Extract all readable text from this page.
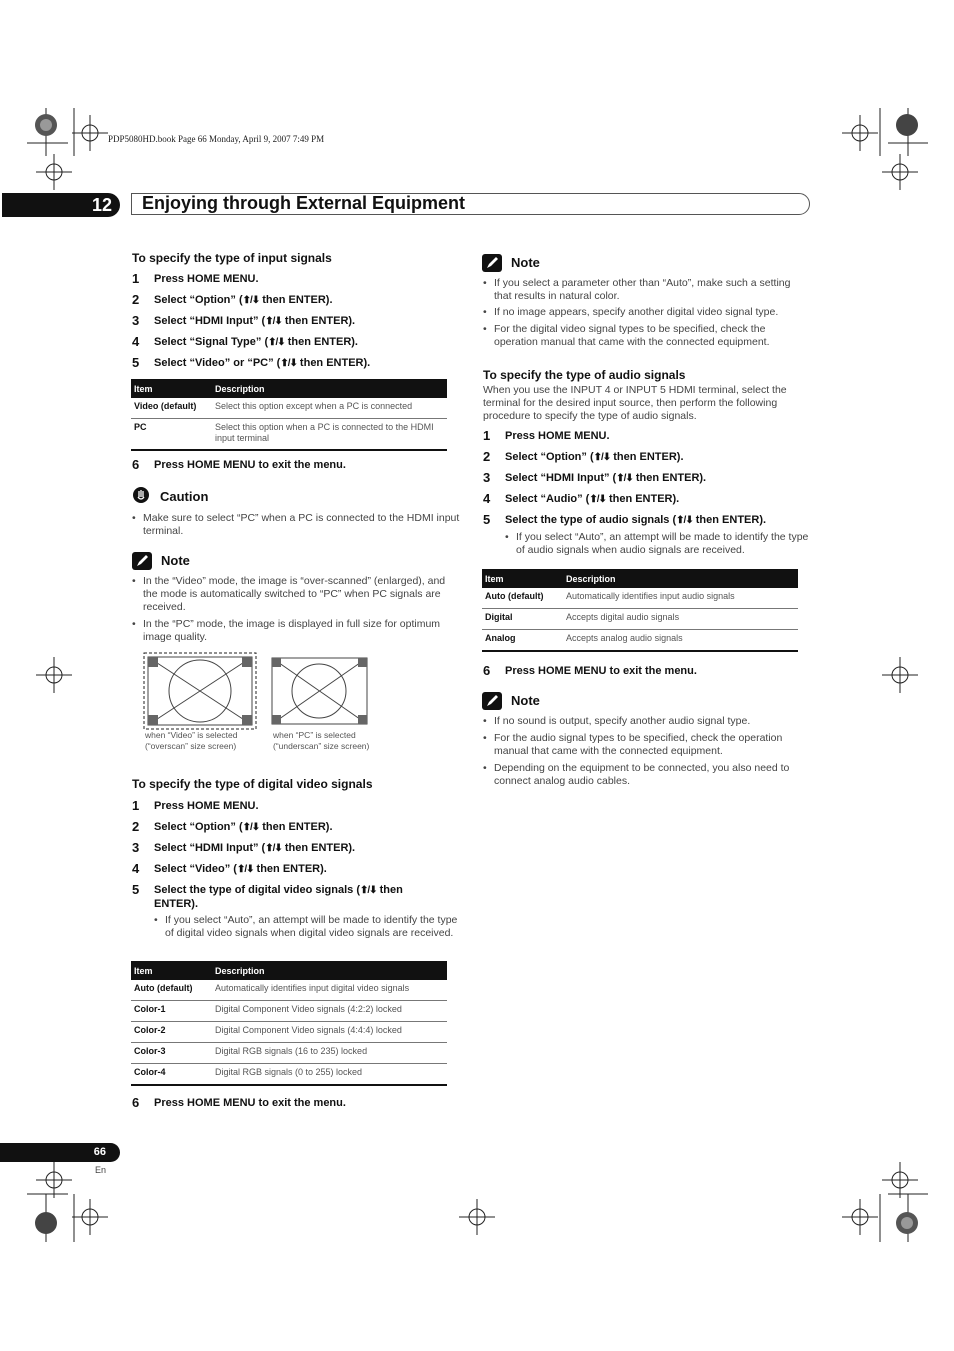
PDP5080HD.book Page 66 Monday, April 9, 2007 7:49 PM
12 Enjoying through External Equipment
To specify the type of input signals
1 Press HOME MENU.
2 Select “Option” (⬆/⬇ then ENTER).
3 Select “HDMI Input” (⬆/⬇ then ENTER).
4 Select “Signal Type” (⬆/⬇ then ENTER).
5 Select “Video” or “PC” (⬆/⬇ then ENTER).
Item	Description
Video (default)	Select this option except when a PC is connected
PC	Select this option when a PC is connected to the HDMI input terminal
6 Press HOME MENU to exit the menu.
Caution
• Make sure to select “PC” when a PC is connected to the HDMI input terminal.
Note
• In the “Video” mode, the image is “over-scanned” (enlarged), and the mode is automatically switched to “PC” when PC signals are received.
• In the “PC” mode, the image is displayed in full size for optimum image quality.
when “Video” is selected (“overscan” size screen)
when “PC” is selected (“underscan” size screen)
To specify the type of digital video signals
1 Press HOME MENU.
2 Select “Option” (⬆/⬇ then ENTER).
3 Select “HDMI Input” (⬆/⬇ then ENTER).
4 Select “Video” (⬆/⬇ then ENTER).
5 Select the type of digital video signals (⬆/⬇ then
ENTER).
• If you select “Auto”, an attempt will be made to identify the type of digital video signals when digital video signals are received.
Item	Description
Auto (default)	Automatically identifies input digital video signals
Color-1	Digital Component Video signals (4:2:2) locked
Color-2	Digital Component Video signals (4:4:4) locked
Color-3	Digital RGB signals (16 to 235) locked
Color-4	Digital RGB signals (0 to 255) locked
6 Press HOME MENU to exit the menu.
Note
• If you select a parameter other than “Auto”, make such a setting that results in natural color.
• If no image appears, specify another digital video signal type.
• For the digital video signal types to be specified, check the operation manual that came with the connected equipment.
To specify the type of audio signals
When you use the INPUT 4 or INPUT 5 HDMI terminal, select the terminal for the desired input source, then perform the following procedure to specify the type of audio signals.
1 Press HOME MENU.
2 Select “Option” (⬆/⬇ then ENTER).
3 Select “HDMI Input” (⬆/⬇ then ENTER).
4 Select “Audio” (⬆/⬇ then ENTER).
5 Select the type of audio signals (⬆/⬇ then ENTER).
• If you select “Auto”, an attempt will be made to identify the type of audio signals when audio signals are received.
Item	Description
Auto (default)	Automatically identifies input audio signals
Digital	Accepts digital audio signals
Analog	Accepts analog audio signals
6 Press HOME MENU to exit the menu.
Note
• If no sound is output, specify another audio signal type.
• For the audio signal types to be specified, check the operation manual that came with the connected equipment.
• Depending on the equipment to be connected, you also need to connect analog audio cables.
66
En
